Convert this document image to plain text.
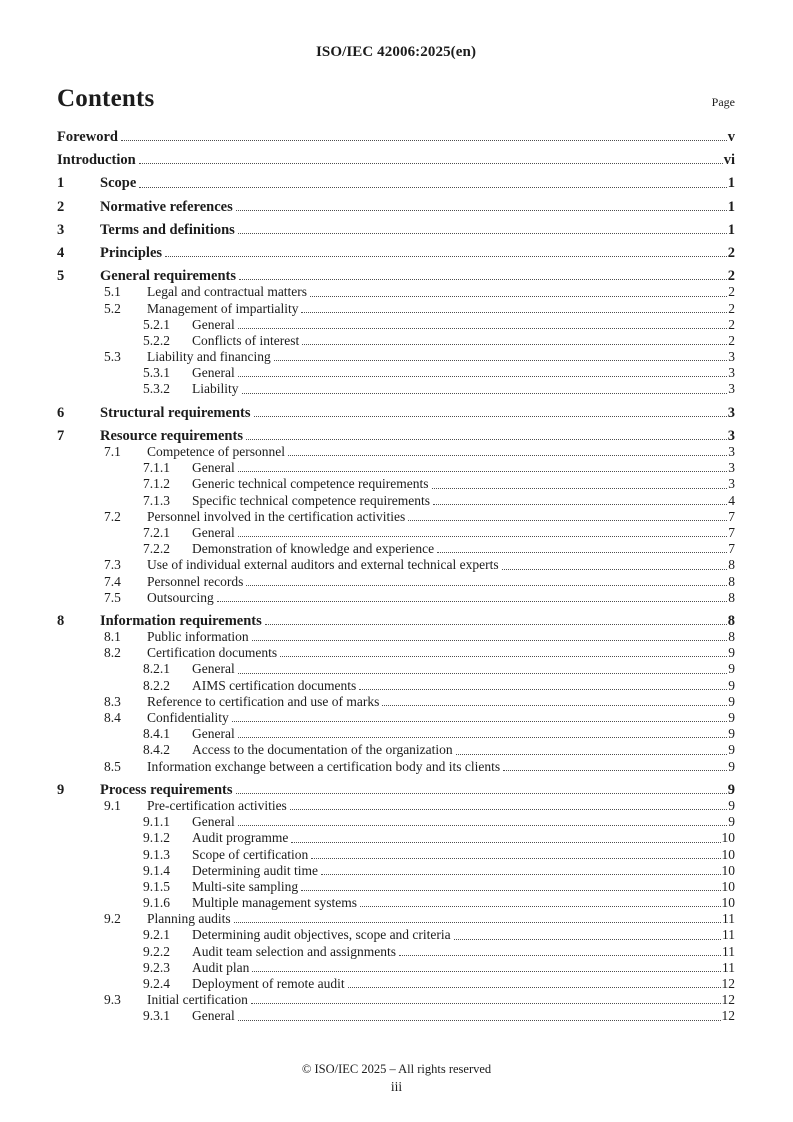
ISO/IEC 42006:2025(en)
Contents	Page
Foreword	v
Introduction	vi
1	Scope	1
2	Normative references	1
3	Terms and definitions	1
4	Principles	2
5	General requirements	2
5.1	Legal and contractual matters	2
5.2	Management of impartiality	2
5.2.1	General	2
5.2.2	Conflicts of interest	2
5.3	Liability and financing	3
5.3.1	General	3
5.3.2	Liability	3
6	Structural requirements	3
7	Resource requirements	3
7.1	Competence of personnel	3
7.1.1	General	3
7.1.2	Generic technical competence requirements	3
7.1.3	Specific technical competence requirements	4
7.2	Personnel involved in the certification activities	7
7.2.1	General	7
7.2.2	Demonstration of knowledge and experience	7
7.3	Use of individual external auditors and external technical experts	8
7.4	Personnel records	8
7.5	Outsourcing	8
8	Information requirements	8
8.1	Public information	8
8.2	Certification documents	9
8.2.1	General	9
8.2.2	AIMS certification documents	9
8.3	Reference to certification and use of marks	9
8.4	Confidentiality	9
8.4.1	General	9
8.4.2	Access to the documentation of the organization	9
8.5	Information exchange between a certification body and its clients	9
9	Process requirements	9
9.1	Pre-certification activities	9
9.1.1	General	9
9.1.2	Audit programme	10
9.1.3	Scope of certification	10
9.1.4	Determining audit time	10
9.1.5	Multi-site sampling	10
9.1.6	Multiple management systems	10
9.2	Planning audits	11
9.2.1	Determining audit objectives, scope and criteria	11
9.2.2	Audit team selection and assignments	11
9.2.3	Audit plan	11
9.2.4	Deployment of remote audit	12
9.3	Initial certification	12
9.3.1	General	12
© ISO/IEC 2025 – All rights reserved
iii
